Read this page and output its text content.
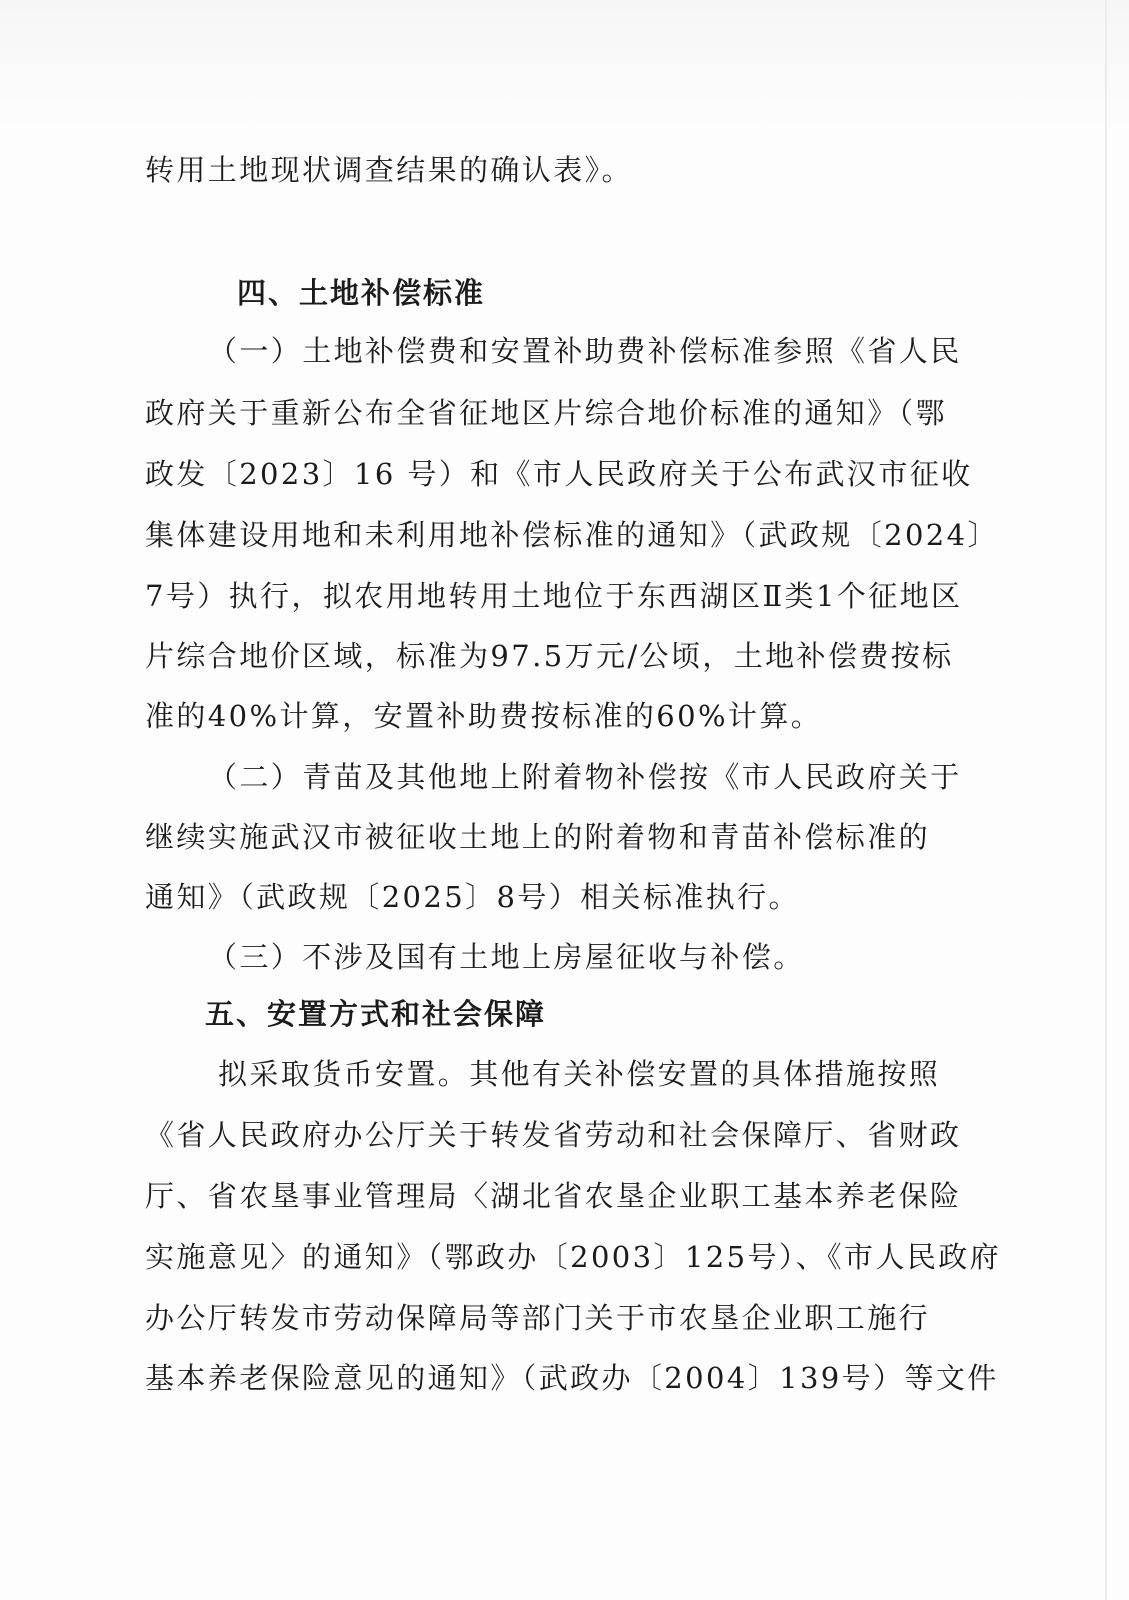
转用土地现状调查结果的确认表》。
四、土地补偿标准
（一）土地补偿费和安置补助费补偿标准参照《省人民
政府关于重新公布全省征地区片综合地价标准的通知》（鄂
政发〔2023〕16 号）和《市人民政府关于公布武汉市征收
集体建设用地和未利用地补偿标准的通知》（武政规〔2024〕
7号）执行，拟农用地转用土地位于东西湖区Ⅱ类1个征地区
片综合地价区域，标准为97.5万元/公顷，土地补偿费按标
准的40%计算，安置补助费按标准的60%计算。
（二）青苗及其他地上附着物补偿按《市人民政府关于
继续实施武汉市被征收土地上的附着物和青苗补偿标准的
通知》（武政规〔2025〕8号）相关标准执行。
（三）不涉及国有土地上房屋征收与补偿。
五、安置方式和社会保障
拟采取货币安置。其他有关补偿安置的具体措施按照
《省人民政府办公厅关于转发省劳动和社会保障厅、省财政
厅、省农垦事业管理局〈湖北省农垦企业职工基本养老保险
实施意见〉的通知》（鄂政办〔2003〕125号）、《市人民政府
办公厅转发市劳动保障局等部门关于市农垦企业职工施行
基本养老保险意见的通知》（武政办〔2004〕139号）等文件
